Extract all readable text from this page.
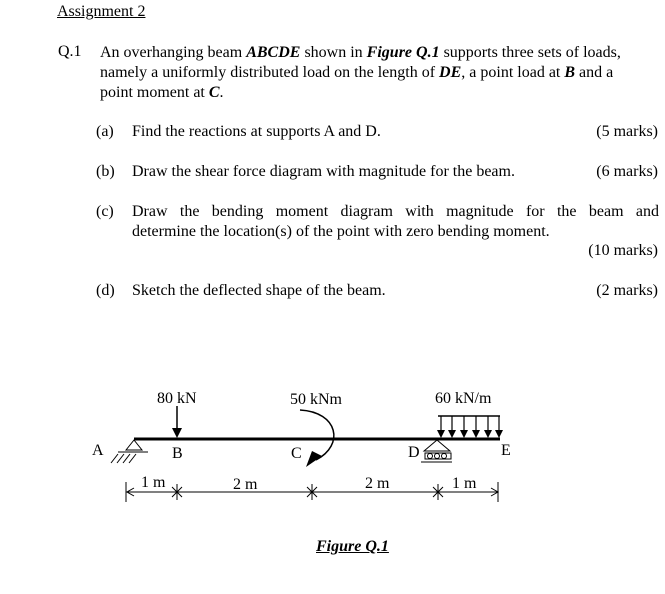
Assignment 2
Q.1 An overhanging beam ABCDE shown in Figure Q.1 supports three sets of loads,
namely a uniformly distributed load on the length of DE, a point load at B and a
point moment at C.
(a) Find the reactions at supports A and D.	(5 marks)
(b) Draw the shear force diagram with magnitude for the beam.	(6 marks)
(c) Draw the bending moment diagram with magnitude for the beam and
determine the location(s) of the point with zero bending moment.
(10 marks)
(d) Sketch the deflected shape of the beam.	(2 marks)
80 kN	50 kNm	60 kN/m
A	B	C	D	E
1 m	2 m	2 m	1 m
Figure Q.1
